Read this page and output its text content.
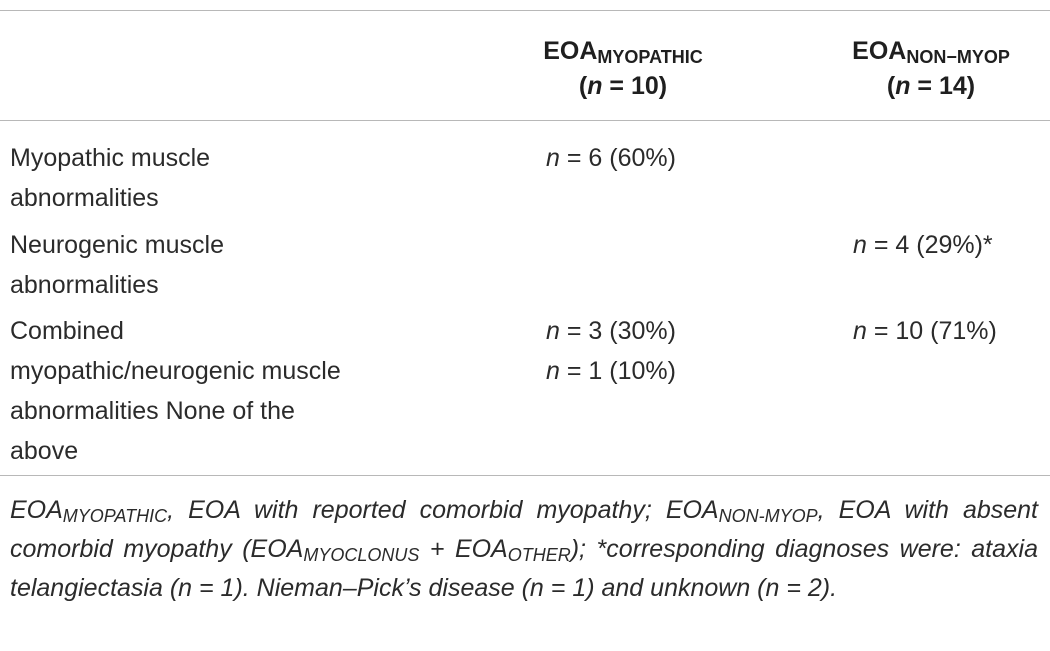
$EOA_{MYOPATHIC}$
(n = 10)
$EOA_{NON-MYOP}$
(n = 14)
Myopathic muscle
abnormalities
n = 6 (60%)
Neurogenic muscle
abnormalities
n = 4 (29%)*
Combined
myopathic/neurogenic muscle
abnormalities None of the
above
n = 3 (30%)
n = 1 (10%)
n = 10 (71%)
$EOA_{MYOPATHIC}$, EOA with reported comorbid myopathy; $EOA_{NON-MYOP}$, EOA with absent comorbid myopathy $(EOA_{MYOCLONUS} + EOA_{OTHER})$; *corresponding diagnoses were: ataxia telangiectasia (n = 1). Nieman–Pick’s disease (n = 1) and unknown (n = 2).
